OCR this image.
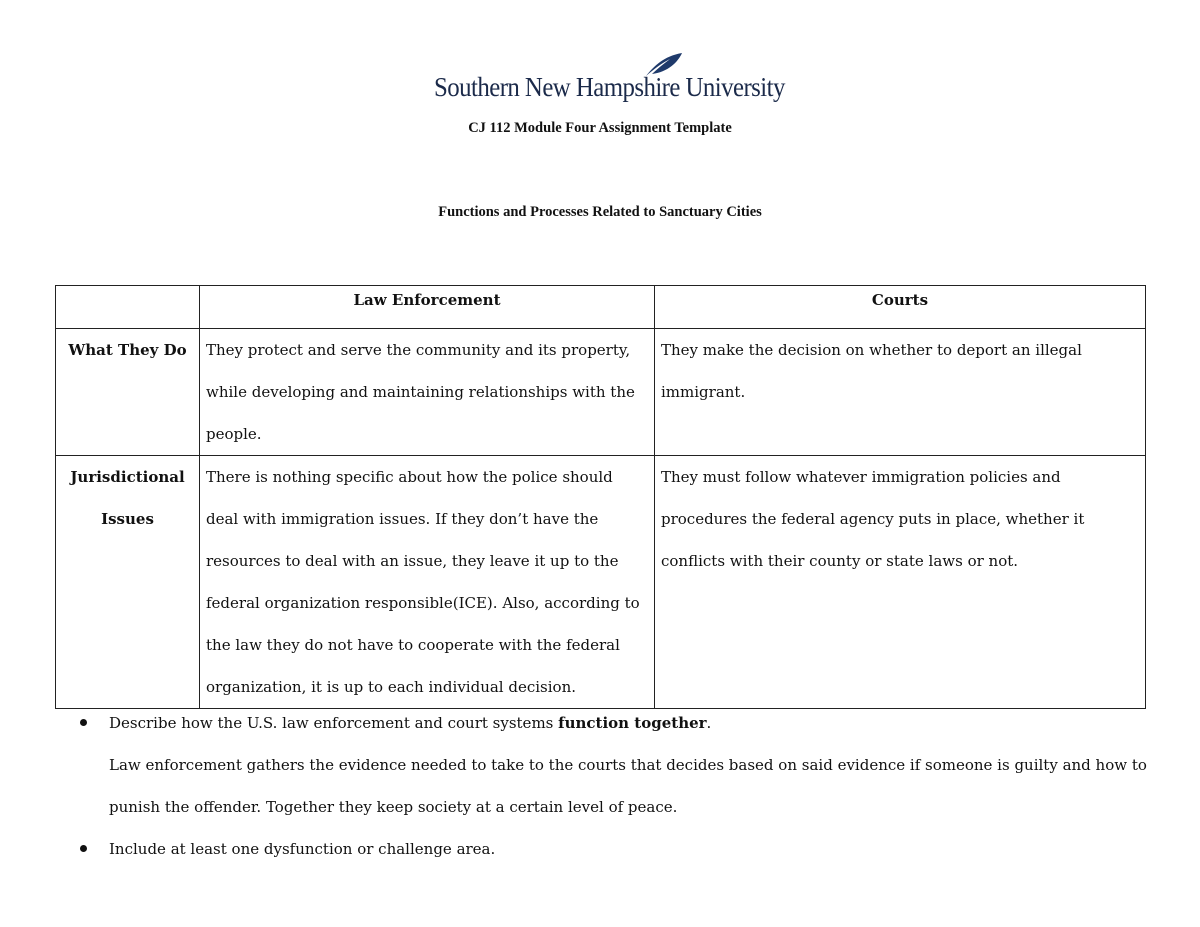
Southern New Hampshire University
CJ 112 Module Four Assignment Template
Functions and Processes Related to Sanctuary Cities
	Law Enforcement	Courts
What They Do	They protect and serve the community and its property, while developing and maintaining relationships with the people.	They make the decision on whether to deport an illegal immigrant.
Jurisdictional Issues	There is nothing specific about how the police should deal with immigration issues. If they don’t have the resources to deal with an issue, they leave it up to the federal organization responsible(ICE). Also, according to the law they do not have to cooperate with the federal organization, it is up to each individual decision.	They must follow whatever immigration policies and procedures the federal agency puts in place, whether it conflicts with their county or state laws or not.
Describe how the U.S. law enforcement and court systems function together.
Law enforcement gathers the evidence needed to take to the courts that decides based on said evidence if someone is guilty and how to punish the offender. Together they keep society at a certain level of peace.
Include at least one dysfunction or challenge area.
